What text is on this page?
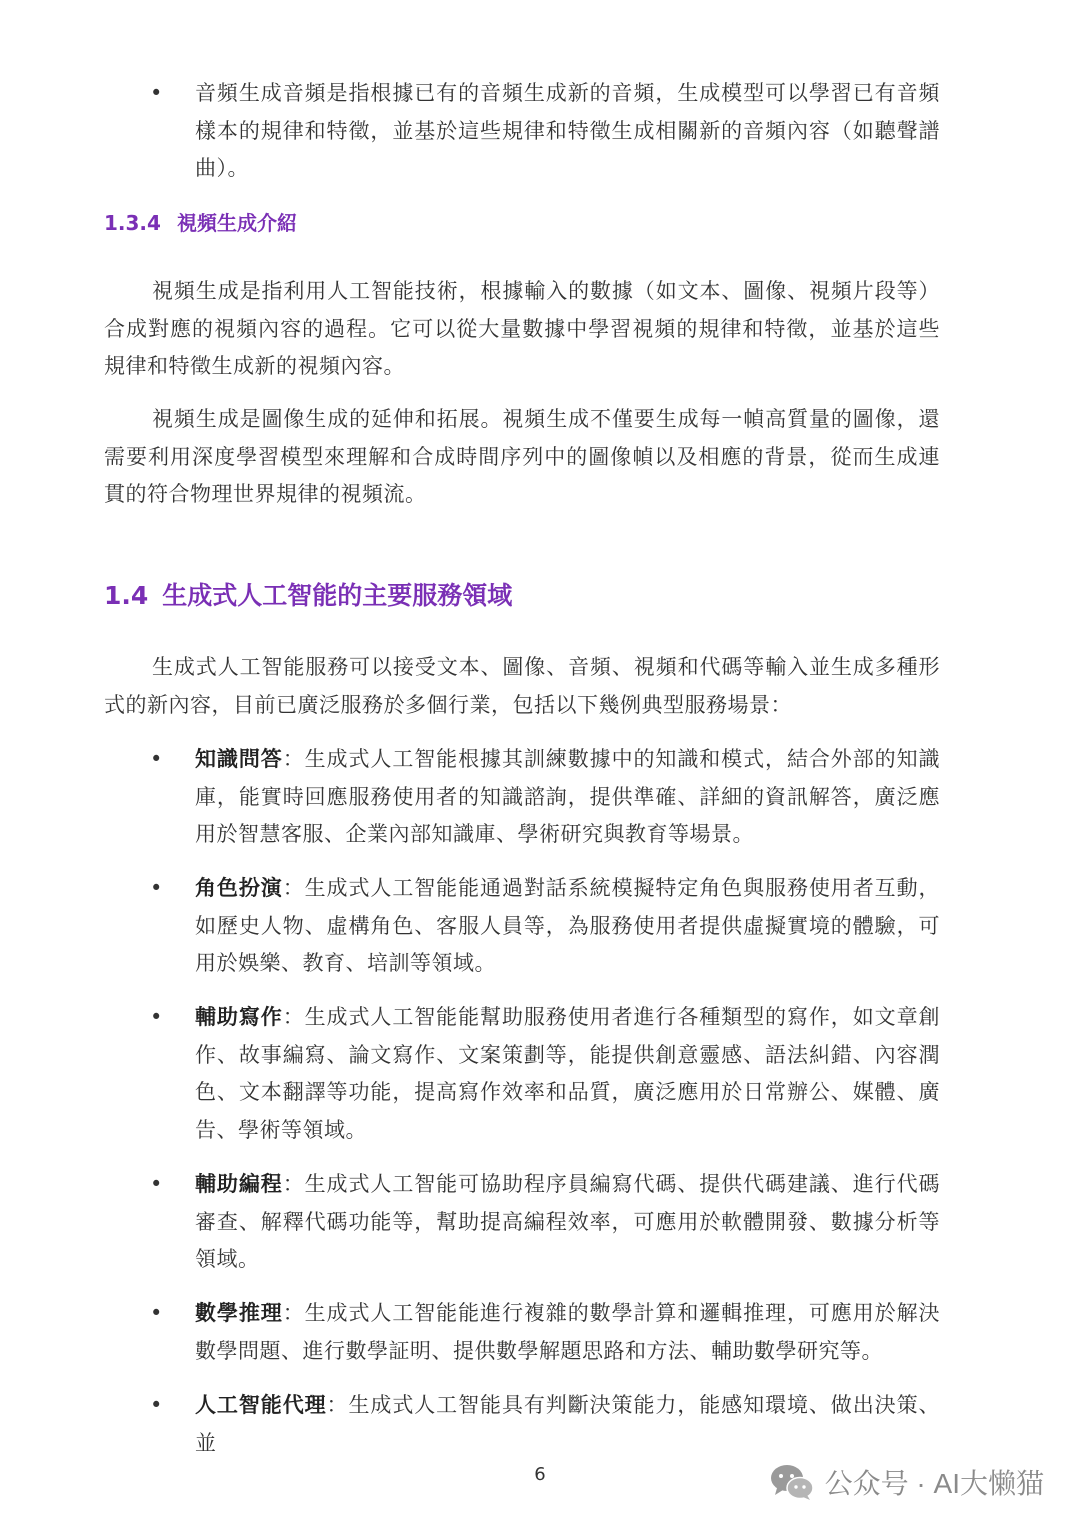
• 音頻生成音頻是指根據已有的音頻生成新的音頻，生成模型可以學習已有音頻樣本的規律和特徵，並基於這些規律和特徵生成相關新的音頻內容（如聽聲譜曲）。

1.3.4 視頻生成介紹

視頻生成是指利用人工智能技術，根據輸入的數據（如文本、圖像、視頻片段等）合成對應的視頻內容的過程。它可以從大量數據中學習視頻的規律和特徵，並基於這些規律和特徵生成新的視頻內容。

視頻生成是圖像生成的延伸和拓展。視頻生成不僅要生成每一幀高質量的圖像，還需要利用深度學習模型來理解和合成時間序列中的圖像幀以及相應的背景，從而生成連貫的符合物理世界規律的視頻流。

1.4 生成式人工智能的主要服務領域

生成式人工智能服務可以接受文本、圖像、音頻、視頻和代碼等輸入並生成多種形式的新內容，目前已廣泛服務於多個行業，包括以下幾例典型服務場景：

• 知識問答：生成式人工智能根據其訓練數據中的知識和模式，結合外部的知識庫，能實時回應服務使用者的知識諮詢，提供準確、詳細的資訊解答，廣泛應用於智慧客服、企業內部知識庫、學術研究與教育等場景。

• 角色扮演：生成式人工智能能通過對話系統模擬特定角色與服務使用者互動，如歷史人物、虛構角色、客服人員等，為服務使用者提供虛擬實境的體驗，可用於娛樂、教育、培訓等領域。

• 輔助寫作：生成式人工智能能幫助服務使用者進行各種類型的寫作，如文章創作、故事編寫、論文寫作、文案策劃等，能提供創意靈感、語法糾錯、內容潤色、文本翻譯等功能，提高寫作效率和品質，廣泛應用於日常辦公、媒體、廣告、學術等領域。

• 輔助編程：生成式人工智能可協助程序員編寫代碼、提供代碼建議、進行代碼審查、解釋代碼功能等，幫助提高編程效率，可應用於軟體開發、數據分析等領域。

• 數學推理：生成式人工智能能進行複雜的數學計算和邏輯推理，可應用於解決數學問題、進行數學証明、提供數學解題思路和方法、輔助數學研究等。

• 人工智能代理：生成式人工智能具有判斷決策能力，能感知環境、做出決策、並

6	公众号 · AI大懒猫
